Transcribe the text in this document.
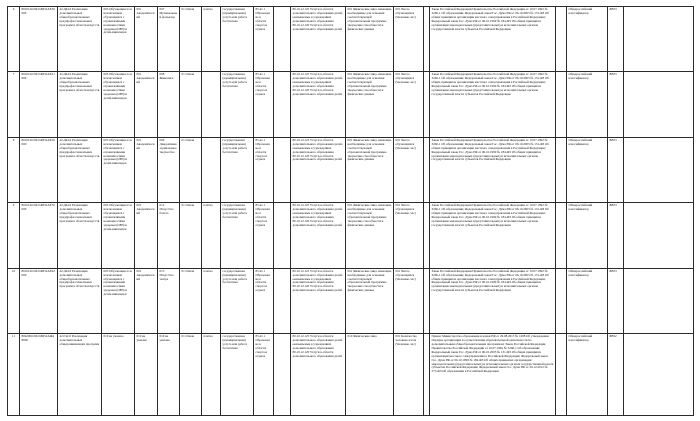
6	801012О.99.0.ББ52АЕ36000	42.Д44.0 Реализация дополнительных общеобразовательных предпрофессиональных программ в области искусств	003 Обучающиеся за исключением обучающихся с ограниченными возможностями здоровья (ОВЗ) и детей-инвалидов	001 Академический	007 Музыкальный фольклор	01 Очная	платно	государственная (муниципальная) услуга или работа бесплатная	85.41.1 Образование в области спорта и отдыха		80.10.12.125 Услуги в области дополнительного образования детей, оказываемые в учреждениях дополнительного образования 80.10.12.120 Услуги в области дополнительного образования детей	001 Физические лица, имеющие необходимые для освоения соответствующей образовательной программы творческие способности и физические данные	001 Число обучающихся (Человеко-час)		Закон Российской Федерации Правительство Российской Федерации от 10.07.1992 № 3266-1 Об образовании; Федеральный закон Гос. Дума РФ от 06.10.2003 № 131-ФЗ Об общих принципах организации местного самоуправления в Российской Федерации; Федеральный закон Гос. Дума РФ от 06.10.1999 № 184-ФЗ Об общих принципах организации законодательных (представительных) и исполнительных органов государственной власти субъектов Российской Федерации		Общероссийский классификатор	БВ53	

7	801012О.99.0.ББ52АЕ21000	42.Д44.0 Реализация дополнительных общеобразовательных предпрофессиональных программ в области искусств	003 Обучающиеся за исключением обучающихся с ограниченными возможностями здоровья (ОВЗ) и детей-инвалидов	001 Академический	008 Живопись	01 Очная		государственная (муниципальная) услуга или работа бесплатная	85.41.1 Образование в области спорта и отдыха		80.10.12.125 Услуги в области дополнительного образования детей, оказываемые в учреждениях дополнительного образования 80.10.12.120 Услуги в области дополнительного образования детей	001 Физические лица, имеющие необходимые для освоения соответствующей образовательной программы творческие способности и физические данные	001 Число обучающихся (Человеко-час)		Закон Российской Федерации Правительство Российской Федерации от 10.07.1992 № 3266-1 Об образовании; Федеральный закон Гос. Дума РФ от 06.10.2003 № 131-ФЗ Об общих принципах организации местного самоуправления в Российской Федерации; Федеральный закон Гос. Дума РФ от 06.10.1999 № 184-ФЗ Об общих принципах организации законодательных (представительных) и исполнительных органов государственной власти субъектов Российской Федерации		Общероссийский классификатор	БВ53	

8	801012О.99.0.ББ52АЕ56000	42.Д44.0 Реализация дополнительных общеобразовательных предпрофессиональных программ в области искусств	003 Обучающиеся за исключением обучающихся с ограниченными возможностями здоровья (ОВЗ) и детей-инвалидов	001 Академический	009 Декоративно-прикладное творчество	01 Очная		государственная (муниципальная) услуга или работа бесплатная	85.41.1 Образование в области спорта и отдыха		80.10.12.125 Услуги в области дополнительного образования детей, оказываемые в учреждениях дополнительного образования 80.10.12.120 Услуги в области дополнительного образования детей	001 Физические лица, имеющие необходимые для освоения соответствующей образовательной программы творческие способности и физические данные	001 Число обучающихся (Человеко-час)		Закон Российской Федерации Правительство Российской Федерации от 10.07.1992 № 3266-1 Об образовании; Федеральный закон Гос. Дума РФ от 06.10.2003 № 131-ФЗ Об общих принципах организации местного самоуправления в Российской Федерации; Федеральный закон Гос. Дума РФ от 06.10.1999 № 184-ФЗ Об общих принципах организации законодательных (представительных) и исполнительных органов государственной власти субъектов Российской Федерации		Общероссийский классификатор	БВ53	

9	801012О.99.0.ББ52АЕ76000	42.Д44.0 Реализация дополнительных общеобразовательных предпрофессиональных программ в области искусств	003 Обучающиеся за исключением обучающихся с ограниченными возможностями здоровья (ОВЗ) и детей-инвалидов	001 Академический	012 Искусство балета	01 Очная	платно	государственная (муниципальная) услуга или работа бесплатная	85.41.1 Образование в области спорта и отдыха		80.10.12.125 Услуги в области дополнительного образования детей, оказываемые в учреждениях дополнительного образования 80.10.12.120 Услуги в области дополнительного образования детей	001 Физические лица, имеющие необходимые для освоения соответствующей образовательной программы творческие способности и физические данные	001 Число обучающихся (Человеко-час)		Закон Российской Федерации Правительство Российской Федерации от 10.07.1992 № 3266-1 Об образовании; Федеральный закон Гос. Дума РФ от 06.10.2003 № 131-ФЗ Об общих принципах организации местного самоуправления в Российской Федерации; Федеральный закон Гос. Дума РФ от 06.10.1999 № 184-ФЗ Об общих принципах организации законодательных (представительных) и исполнительных органов государственной власти субъектов Российской Федерации		Общероссийский классификатор	БВ53	

10	801012О.99.0.ББ52АЕ92000	42.Д44.0 Реализация дополнительных общеобразовательных предпрофессиональных программ в области искусств	003 Обучающиеся за исключением обучающихся с ограниченными возможностями здоровья (ОВЗ) и детей-инвалидов	001 Академический	013 Искусство театра	01 Очная	платно	государственная (муниципальная) услуга или работа бесплатная	85.41.1 Образование в области спорта и отдыха		80.10.12.125 Услуги в области дополнительного образования детей, оказываемые в учреждениях дополнительного образования 80.10.12.120 Услуги в области дополнительного образования детей	001 Физические лица, имеющие необходимые для освоения соответствующей образовательной программы творческие способности и физические данные	001 Число обучающихся (Человеко-час)		Закон Российской Федерации Правительство Российской Федерации от 10.07.1992 № 3266-1 Об образовании; Федеральный закон Гос. Дума РФ от 06.10.2003 № 131-ФЗ Об общих принципах организации местного самоуправления в Российской Федерации; Федеральный закон Гос. Дума РФ от 06.10.1999 № 184-ФЗ Об общих принципах организации законодательных (представительных) и исполнительных органов государственной власти субъектов Российской Федерации		Общероссийский классификатор	БВ53	

11	804200О.99.0.ББ52АЖ48000	42.Г42.0 Реализация дополнительных общеразвивающих программ	010 не указано	010 не указано	010 не указано	01 Очная	платно	государственная (муниципальная) услуга или работа бесплатная	85.41.1 Образование в области спорта и отдыха		80.10.12.125 Услуги в области дополнительного образования детей, оказываемые в учреждениях дополнительного образования 80.10.12.120 Услуги в области дополнительного образования детей	010 Физические лица	001 Количество человеко-часов (Человеко-час)		Приказ Министерство образования и науки РФ от 29.08.2013 № 1008 Об утверждении Порядка организации и осуществления образовательной деятельности по дополнительным общеобразовательным программам; Закон Российской Федерации Правительство Российской Федерации от 10.07.1992 № 3266-1 Об образовании; Федеральный закон Гос. Дума РФ от 06.10.2003 № 131-ФЗ Об общих принципах организации местного самоуправления в Российской Федерации; Федеральный закон Гос. Дума РФ от 06.10.1999 № 184-ФЗ Об общих принципах организации законодательных (представительных) и исполнительных органов государственной власти субъектов Российской Федерации; Федеральный закон Гос. Дума РФ от 29.12.2012 № 273-ФЗ Об образовании в Российской Федерации		Общероссийский классификатор	БВ52	
